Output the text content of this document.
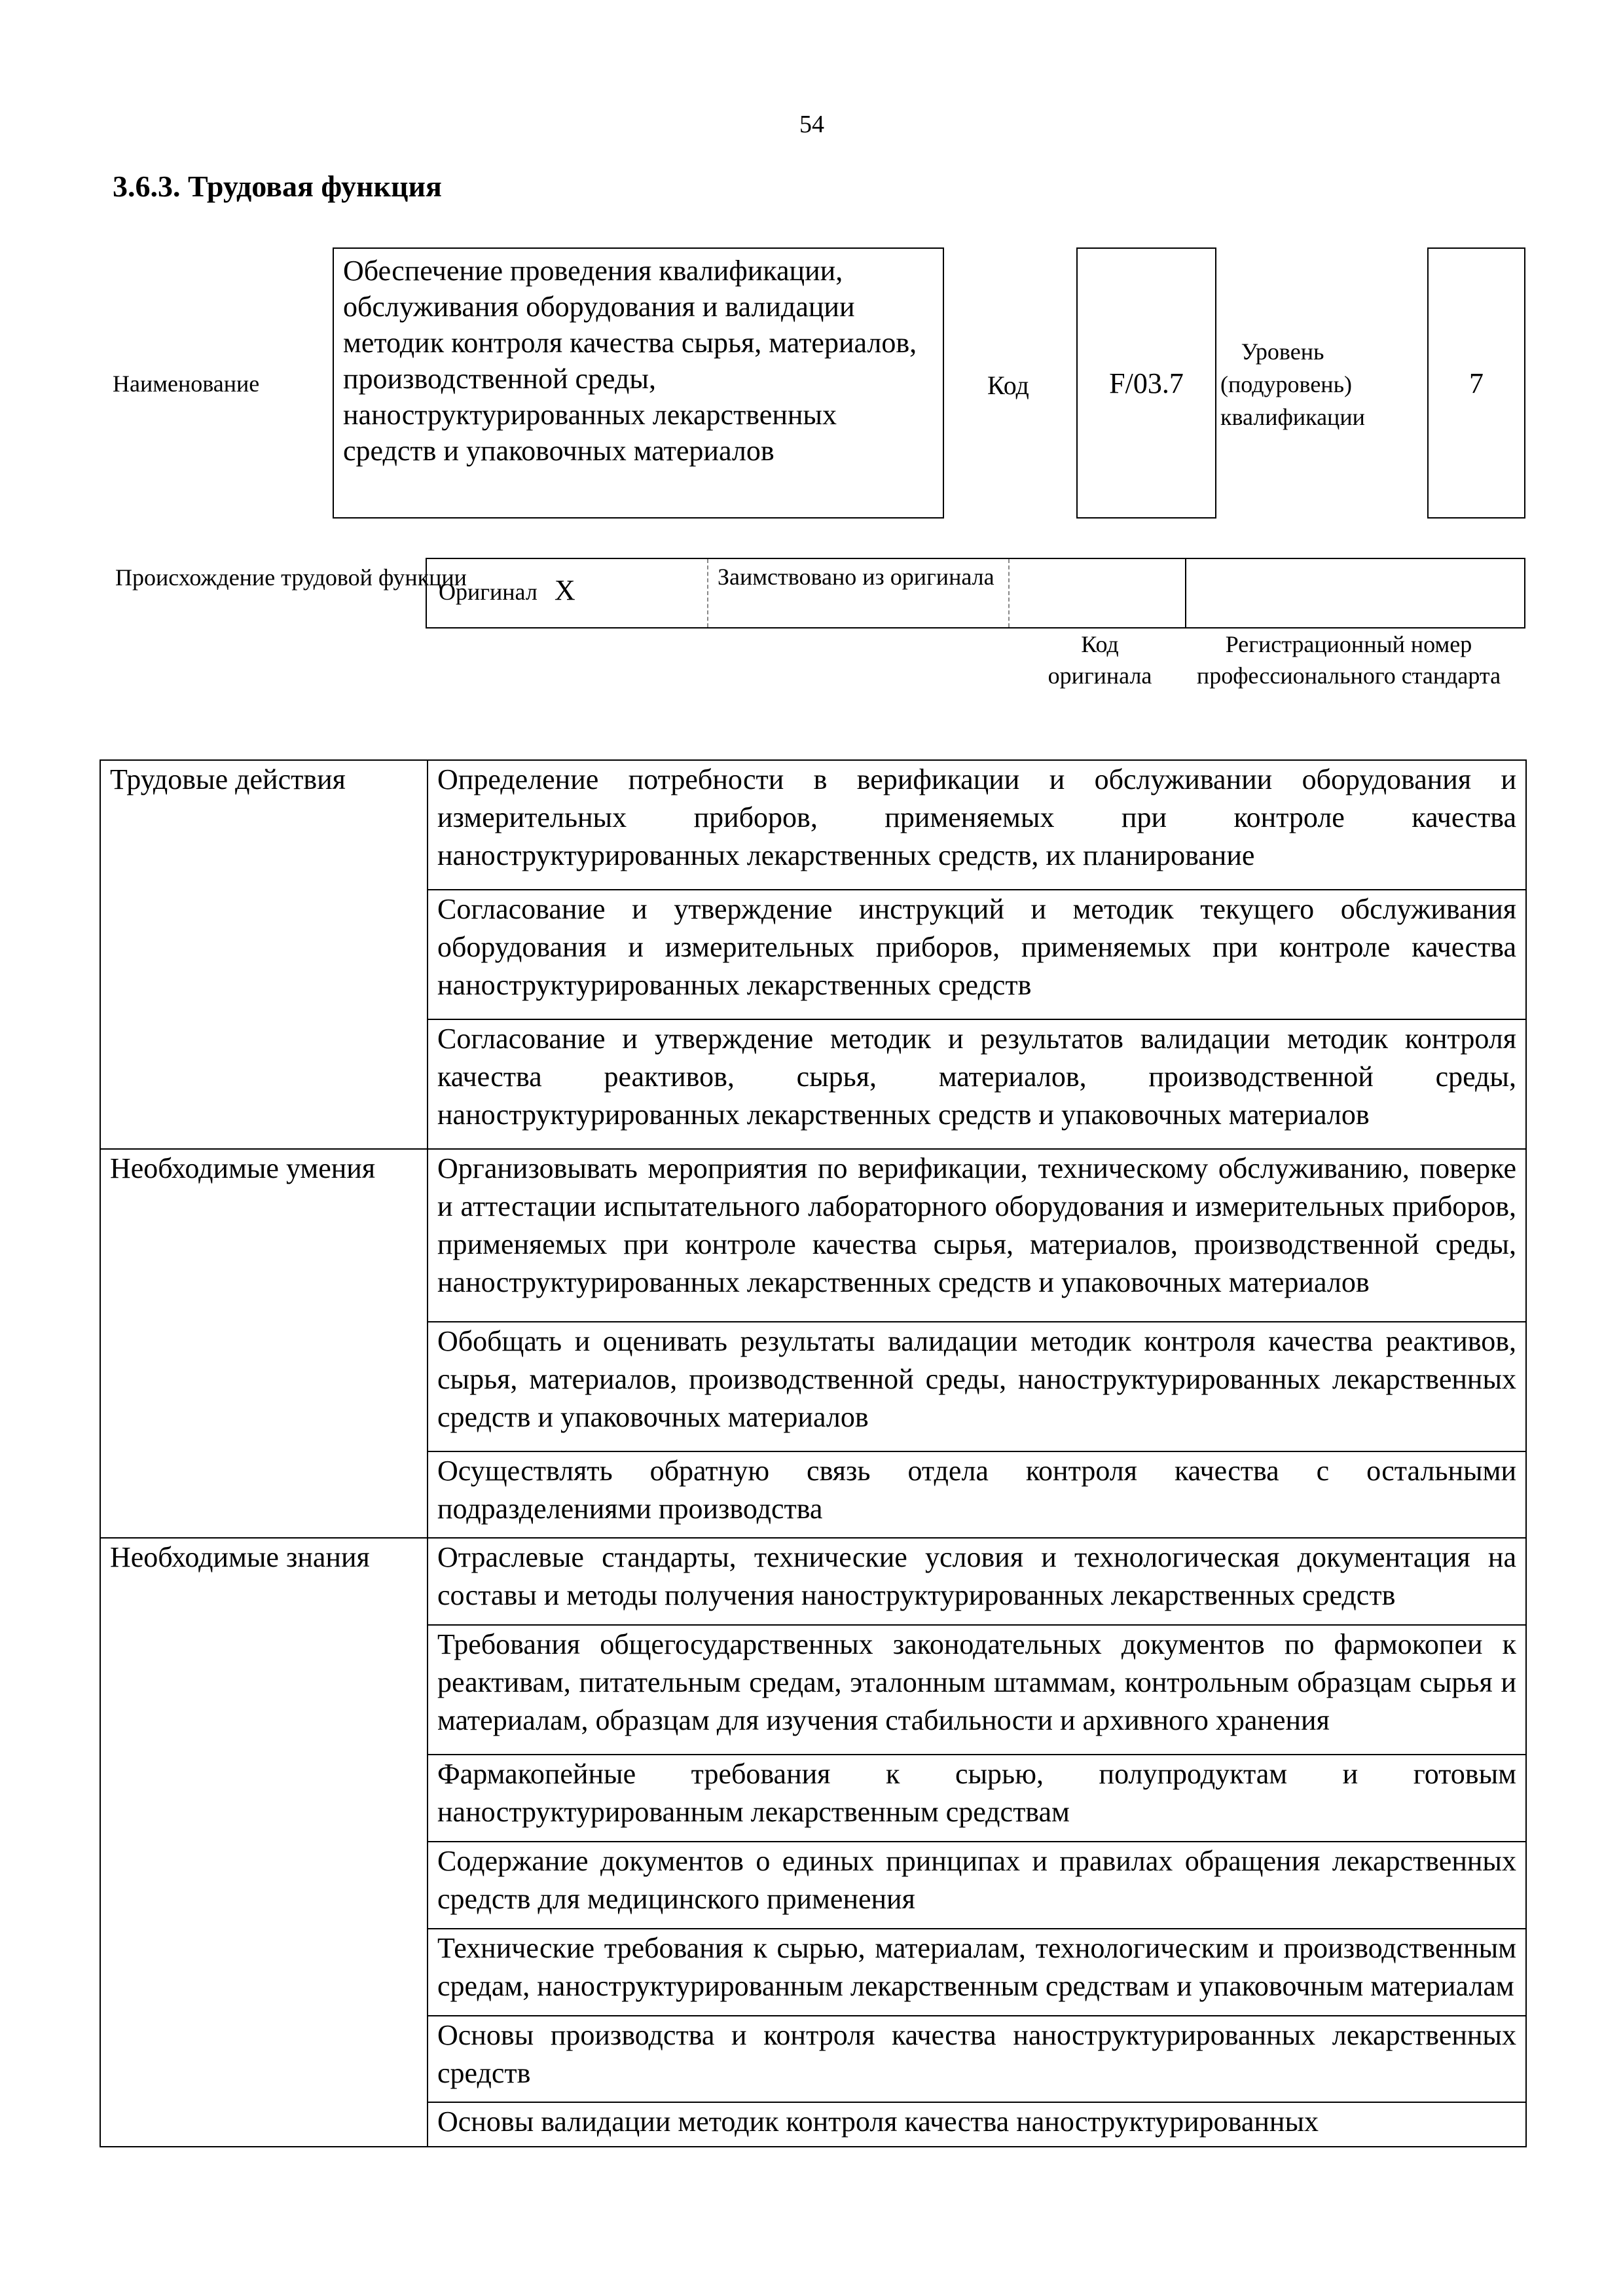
54
3.6.3. Трудовая функция
Наименование
Обеспечение проведения квалификации, обслуживания оборудования и валидации методик контроля качества сырья, материалов, производственной среды, наноструктурированных лекарственных средств и упаковочных материалов
Код	F/03.7
Уровень (подуровень) квалификации
7
Происхождение трудовой функции
Оригинал X	Заимствовано из оригинала
Код оригинала
Регистрационный номер профессионального стандарта
Трудовые действия	Определение потребности в верификации и обслуживании оборудования и измерительных приборов, применяемых при контроле качества наноструктурированных лекарственных средств, их планирование
	Согласование и утверждение инструкций и методик текущего обслуживания оборудования и измерительных приборов, применяемых при контроле качества наноструктурированных лекарственных средств
	Согласование и утверждение методик и результатов валидации методик контроля качества реактивов, сырья, материалов, производственной среды, наноструктурированных лекарственных средств и упаковочных материалов
Необходимые умения	Организовывать мероприятия по верификации, техническому обслуживанию, поверке и аттестации испытательного лабораторного оборудования и измерительных приборов, применяемых при контроле качества сырья, материалов, производственной среды, наноструктурированных лекарственных средств и упаковочных материалов
	Обобщать и оценивать результаты валидации методик контроля качества реактивов, сырья, материалов, производственной среды, наноструктурированных лекарственных средств и упаковочных материалов
	Осуществлять обратную связь отдела контроля качества с остальными подразделениями производства
Необходимые знания	Отраслевые стандарты, технические условия и технологическая документация на составы и методы получения наноструктурированных лекарственных средств
	Требования общегосударственных законодательных документов по фармокопеи к реактивам, питательным средам, эталонным штаммам, контрольным образцам сырья и материалам, образцам для изучения стабильности и архивного хранения
	Фармакопейные требования к сырью, полупродуктам и готовым наноструктурированным лекарственным средствам
	Содержание документов о единых принципах и правилах обращения лекарственных средств для медицинского применения
	Технические требования к сырью, материалам, технологическим и производственным средам, наноструктурированным лекарственным средствам и упаковочным материалам
	Основы производства и контроля качества наноструктурированных лекарственных средств
	Основы валидации методик контроля качества наноструктурированных
